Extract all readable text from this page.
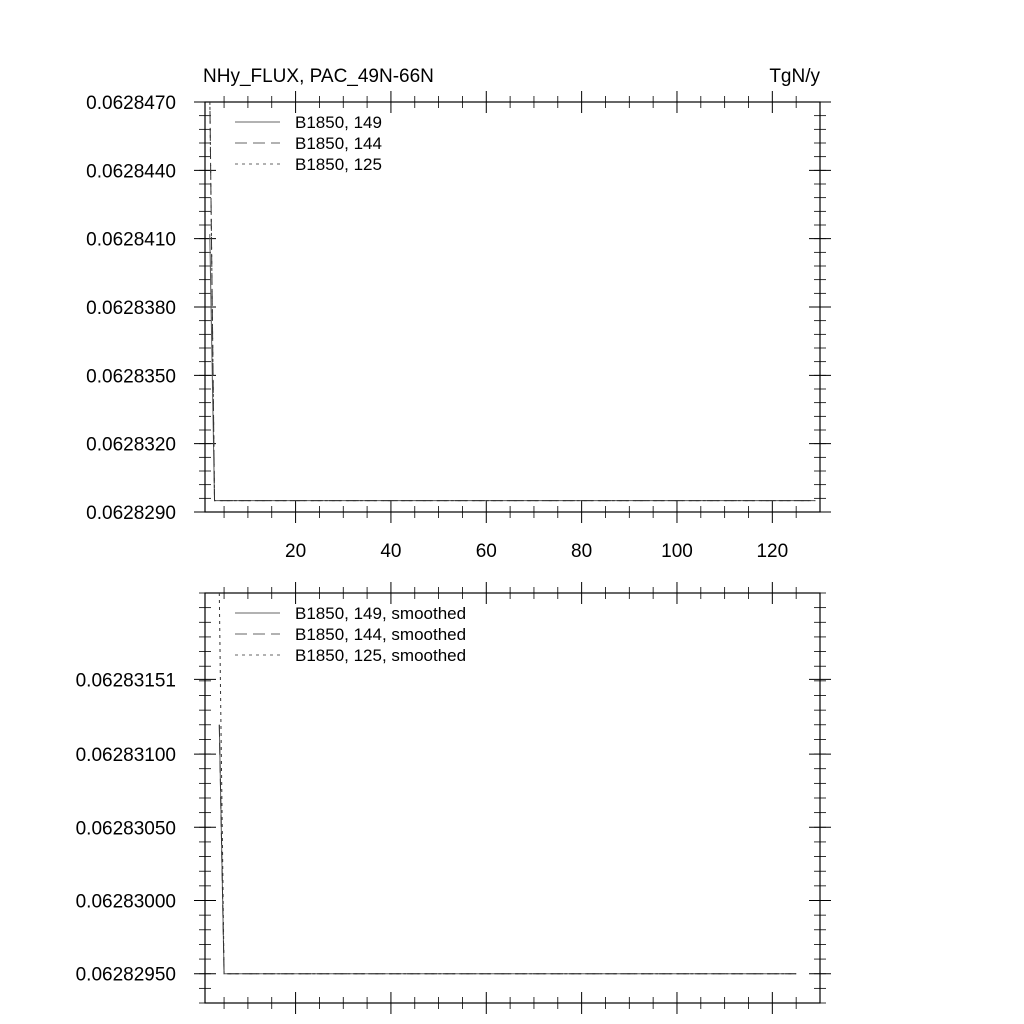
NHy_FLUX, PAC_49N-66N	TgN/y
20	40	60	80	100	120
0.0628290
0.0628320
0.0628350
0.0628380
0.0628410
0.0628440
0.0628470
B1850, 149
B1850, 144
B1850, 125
0.06282950
0.06283000
0.06283050
0.06283100
0.06283151
B1850, 149, smoothed
B1850, 144, smoothed
B1850, 125, smoothed
